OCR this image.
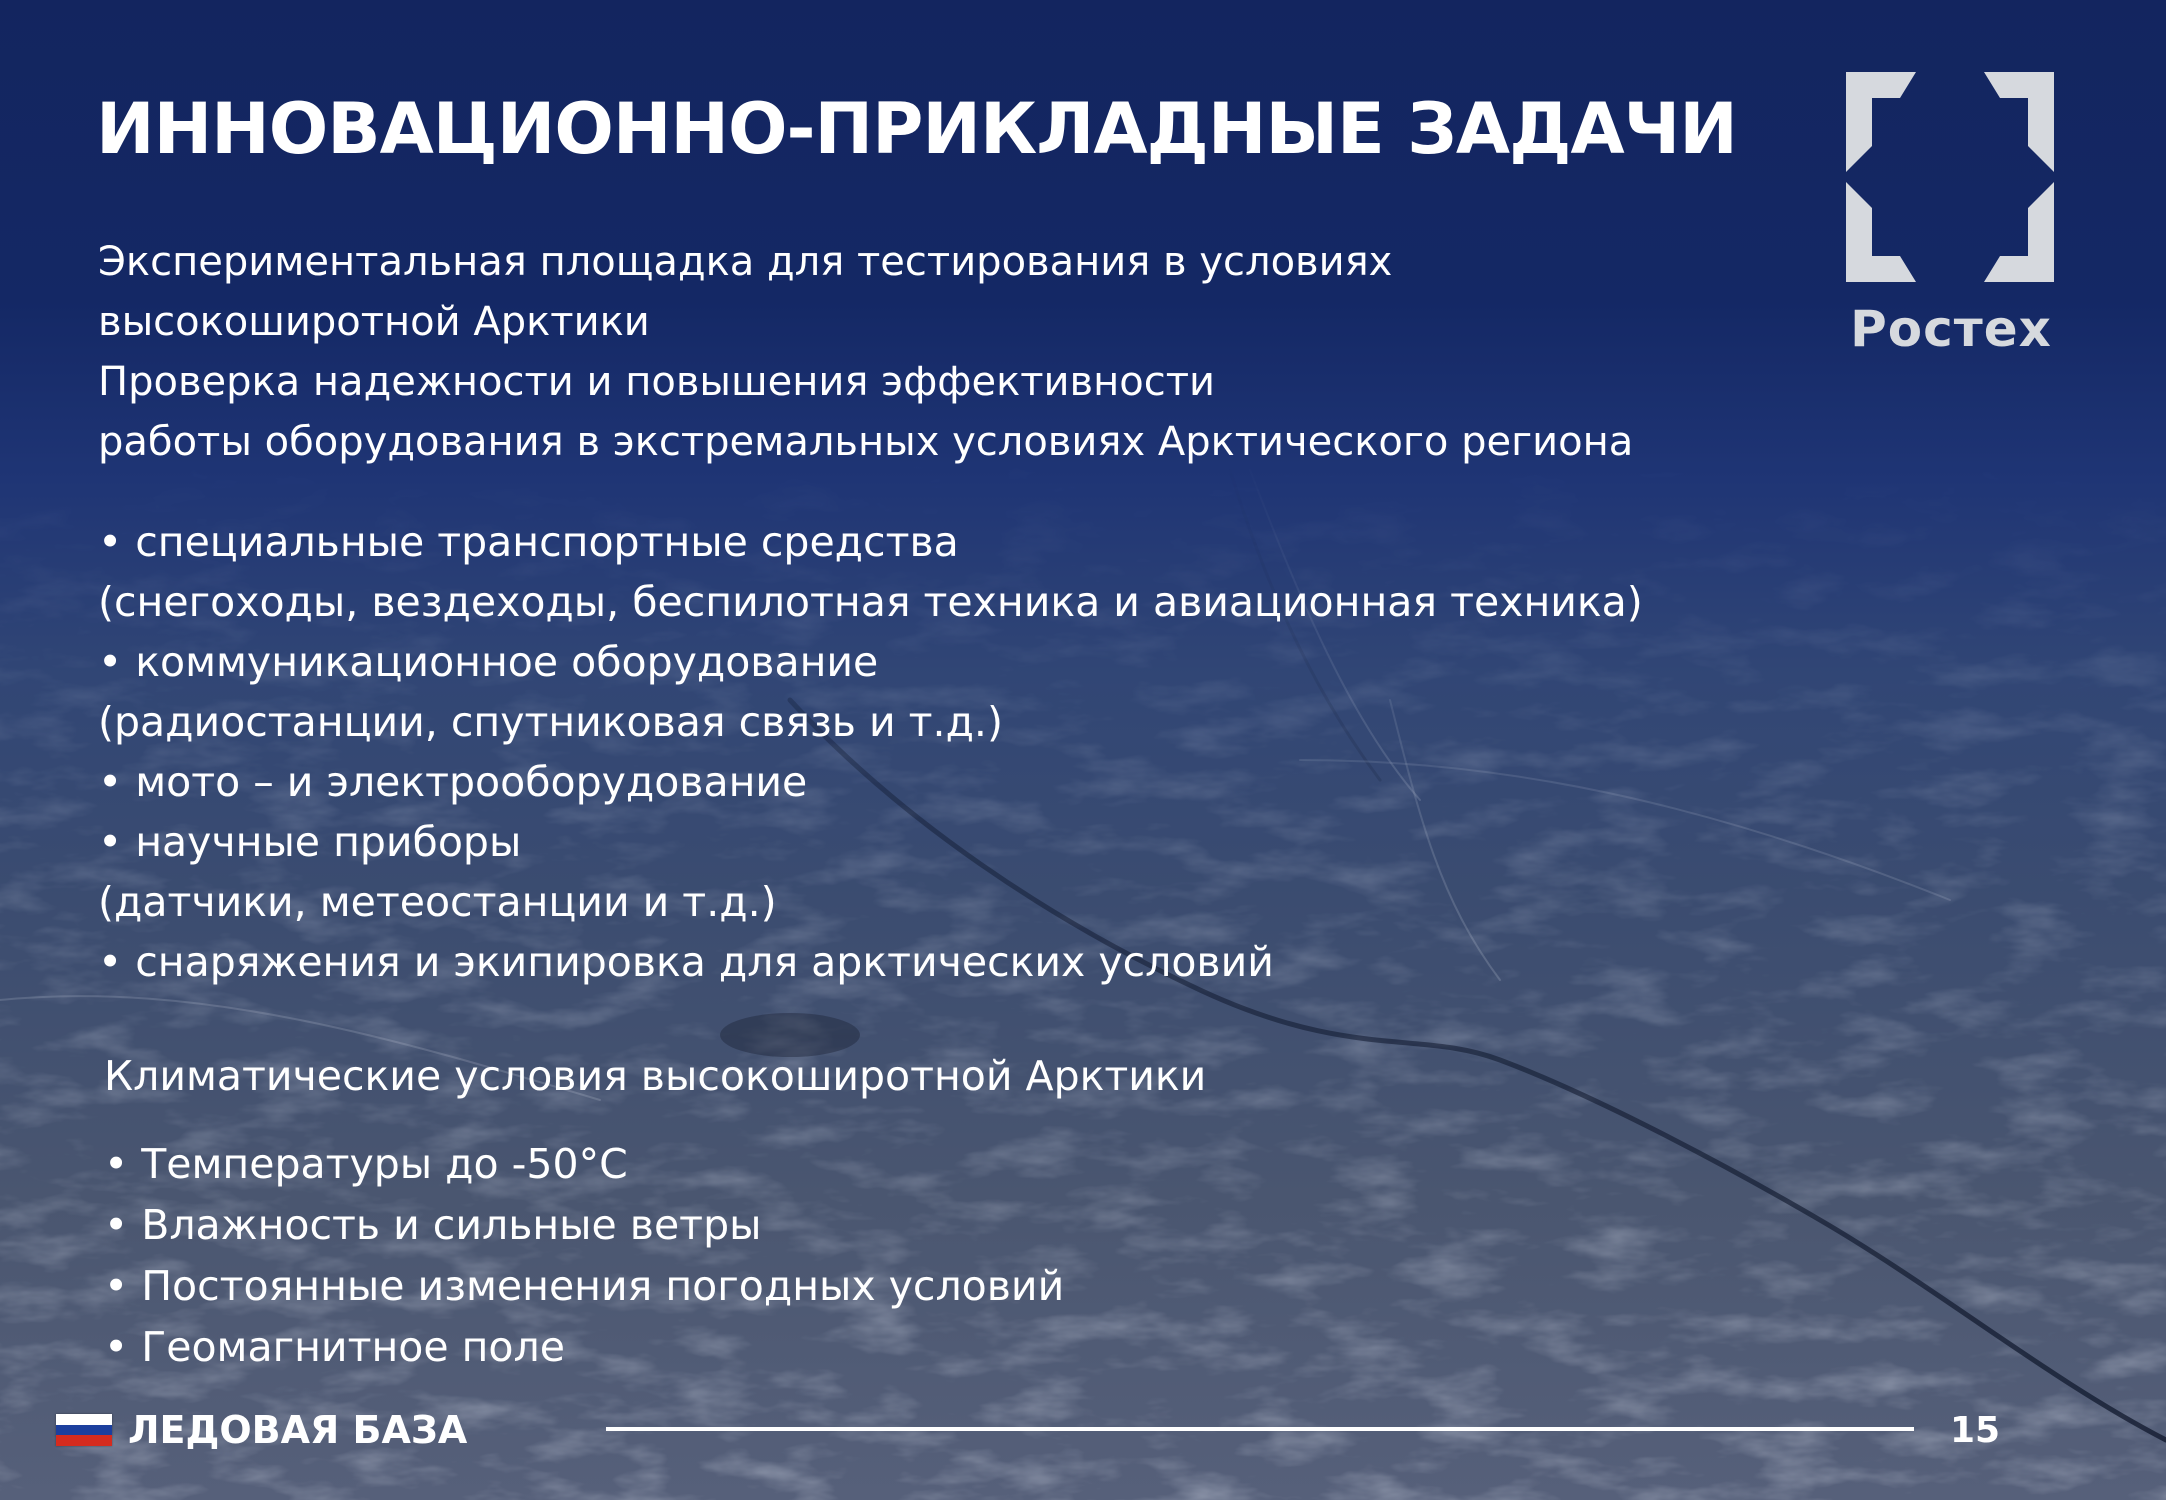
ИННОВАЦИОННО-ПРИКЛАДНЫЕ ЗАДАЧИ
Экспериментальная площадка для тестирования в условиях
высокоширотной Арктики
Проверка надежности и повышения эффективности
работы оборудования в экстремальных условиях Арктического региона
• специальные транспортные средства
(снегоходы, вездеходы, беспилотная техника и авиационная техника)
• коммуникационное оборудование
(радиостанции, спутниковая связь и т.д.)
• мото – и электрооборудование
• научные приборы
(датчики, метеостанции и т.д.)
• снаряжения и экипировка для арктических условий
Климатические условия высокоширотной Арктики
• Температуры до -50°С
• Влажность и сильные ветры
• Постоянные изменения погодных условий
• Геомагнитное поле
Ростех
ЛЕДОВАЯ БАЗА	15
